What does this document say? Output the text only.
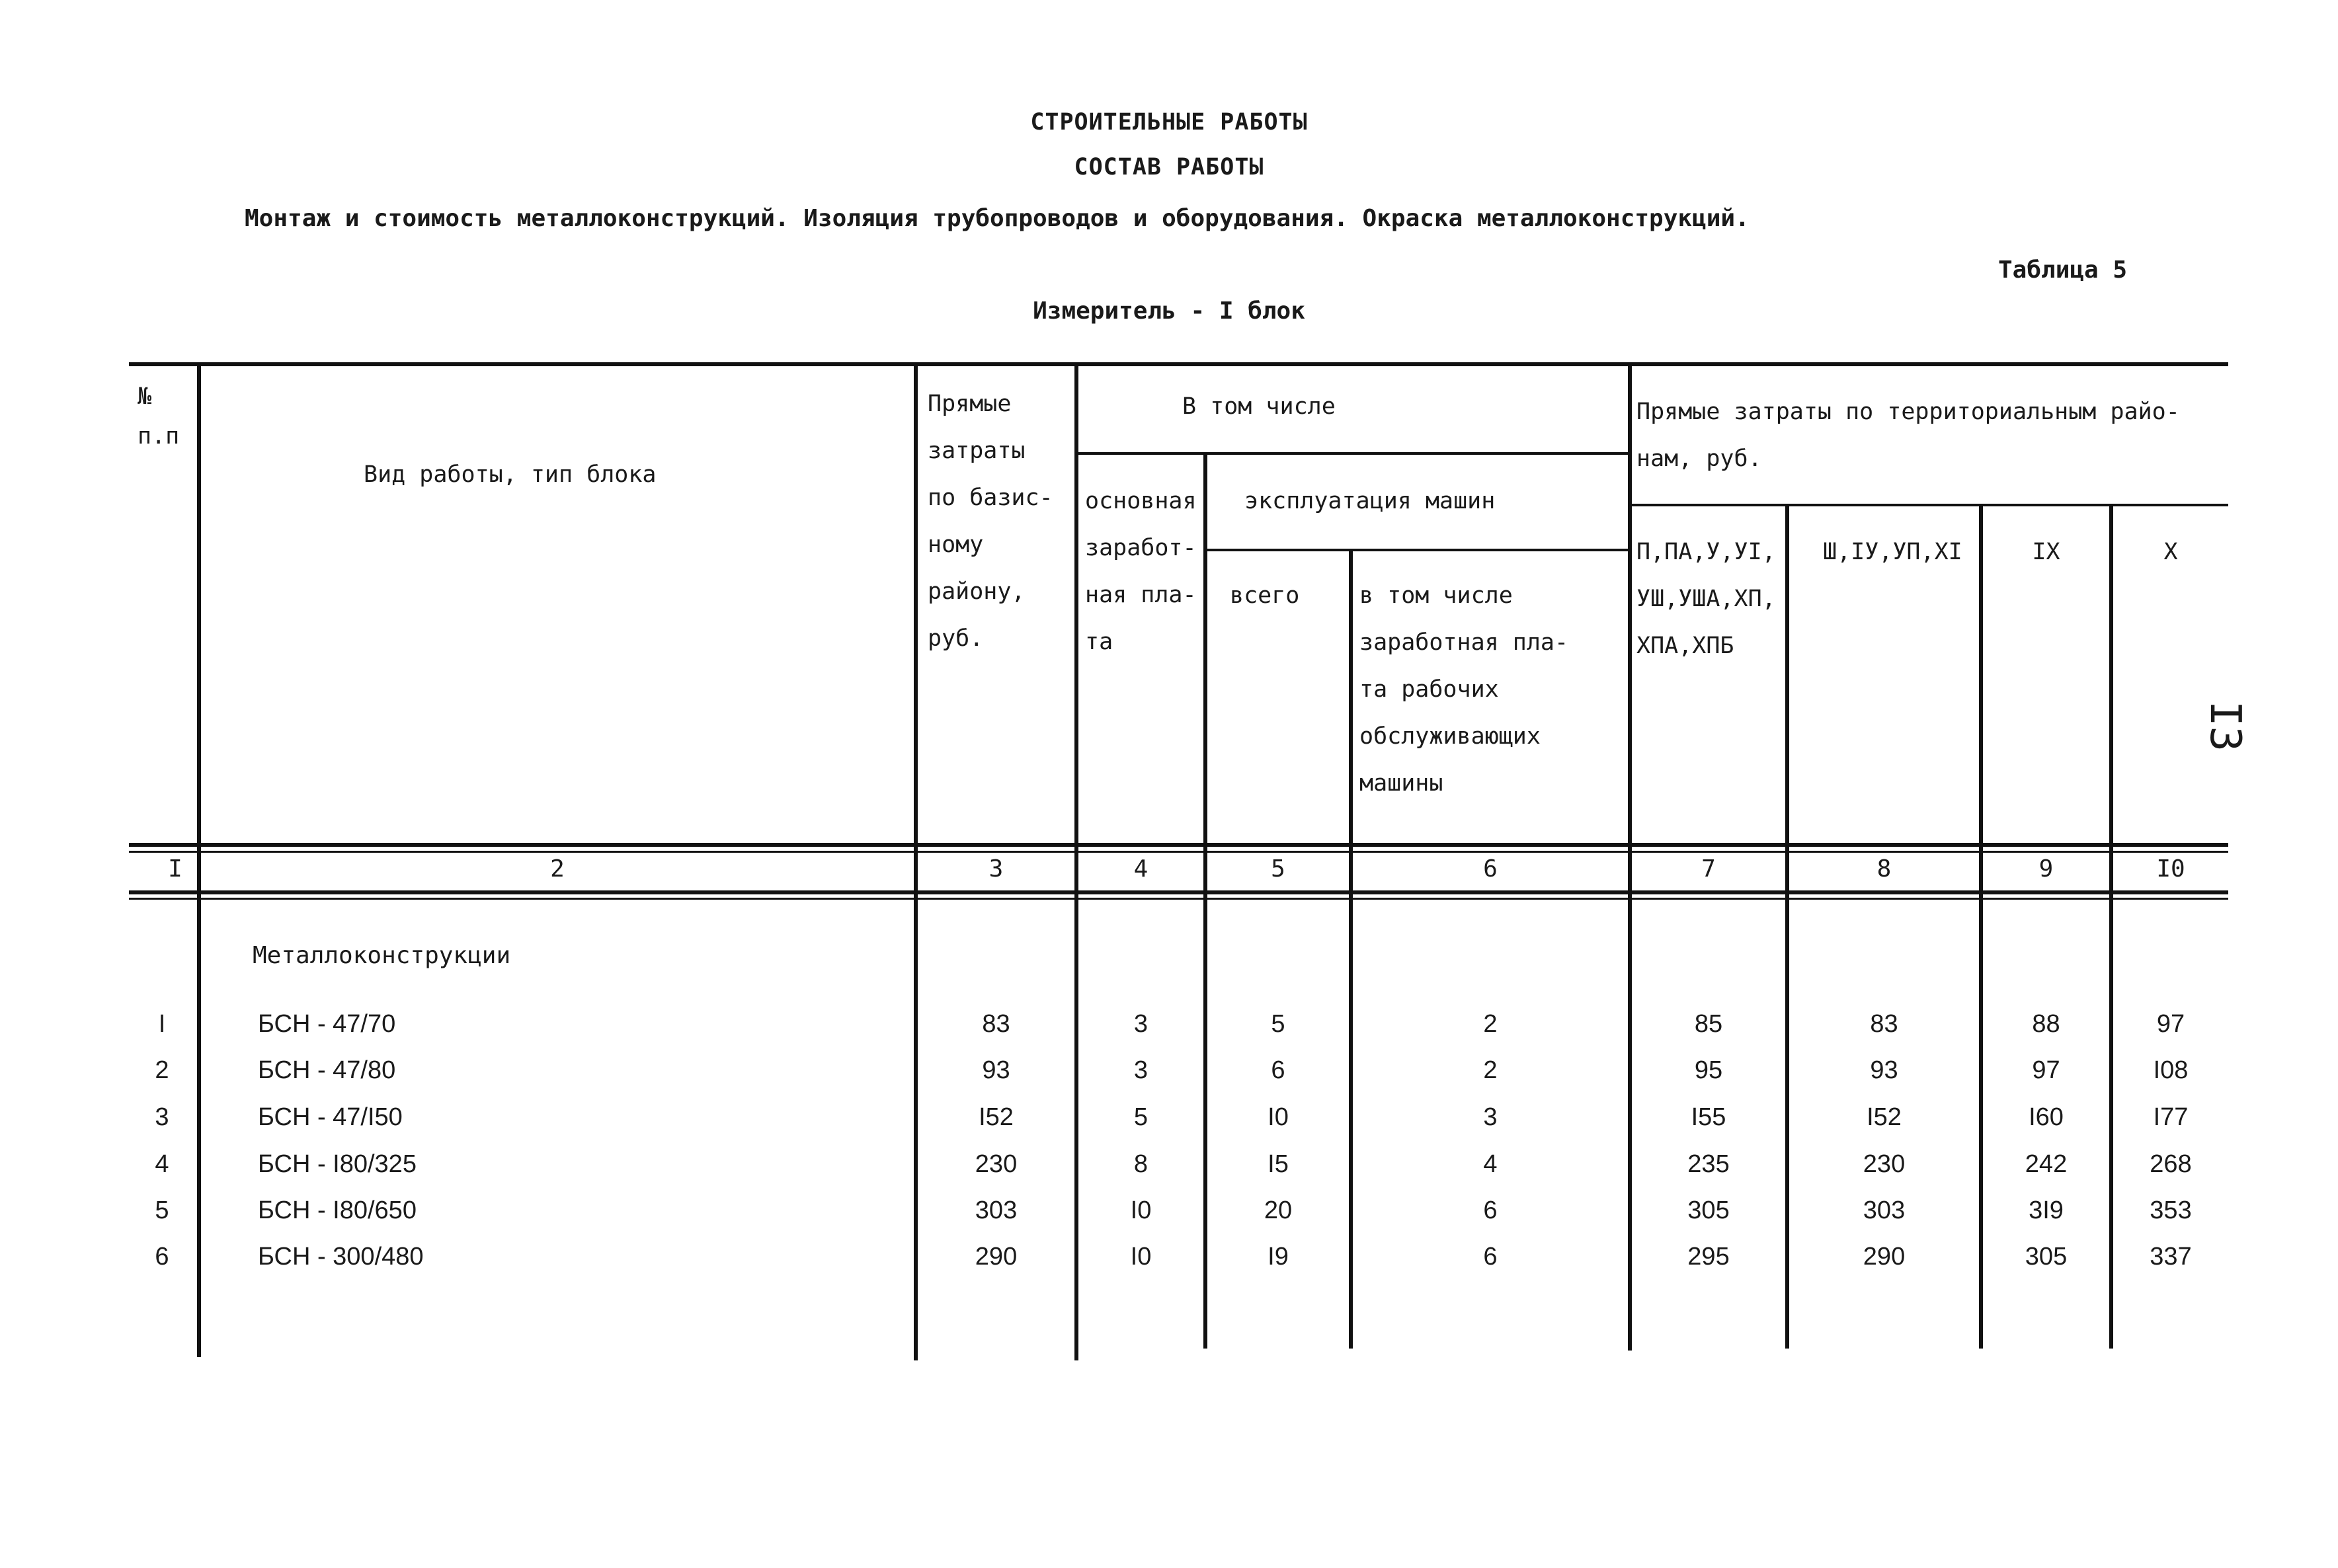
СТРОИТЕЛЬНЫЕ РАБОТЫ
СОСТАВ РАБОТЫ
Монтаж и стоимость металлоконструкций. Изоляция трубопроводов и оборудования. Окраска металлоконструкций.
Таблица 5
Измеритель - I блок
I3
№
п.п
Вид работы, тип блока
Прямые
затраты
по базис-
ному
району,
руб.
В том числе
основная
заработ-
ная пла-
та
эксплуатация машин
всего	в том числе
заработная пла-
та рабочих
обслуживающих
машины
Прямые затраты по территориальным райо-
нам, руб.
П,ПА,У,УI,
УШ,УША,ХП,
ХПА,ХПБ
Ш,IУ,УП,ХI	IX	X
I	2	3	4	5	6	7	8	9	I0
Металлоконструкции
I	БСН - 47/70	83	3	5	2	85	83	88	97
2	БСН - 47/80	93	3	6	2	95	93	97	I08
3	БСН - 47/I50	I52	5	I0	3	I55	I52	I60	I77
4	БСН - I80/325	230	8	I5	4	235	230	242	268
5	БСН - I80/650	303	I0	20	6	305	303	3I9	353
6	БСН - 300/480	290	I0	I9	6	295	290	305	337
